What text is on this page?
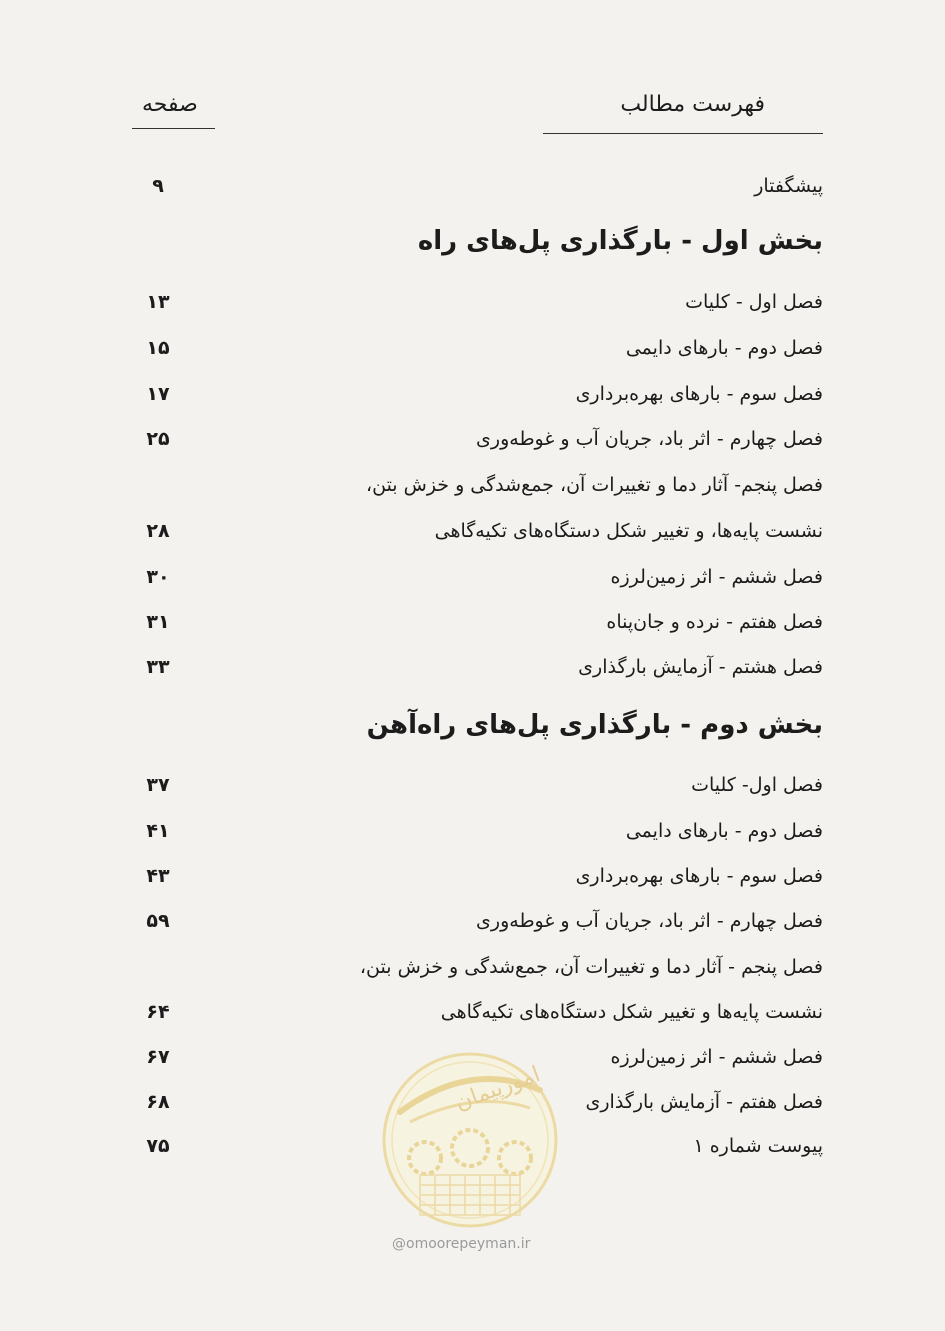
فهرست مطالب
صفحه
پیشگفتار
۹
بخش اول - بارگذاری پل‌های راه
فصل اول - کلیات
۱۳
فصل دوم - بارهای دایمی
۱۵
فصل سوم - بارهای بهره‌برداری
۱۷
فصل چهارم - اثر باد، جریان آب و غوطه‌وری
۲۵
فصل پنجم- آثار دما و تغییرات آن، جمع‌شدگی و خزش بتن،
نشست پایه‌ها، و تغییر شکل دستگاه‌های تکیه‌گاهی
۲۸
فصل ششم - اثر زمین‌لرزه
۳۰
فصل هفتم - نرده و جان‌پناه
۳۱
فصل هشتم - آزمایش بارگذاری
۳۳
بخش دوم - بارگذاری پل‌های راه‌آهن
فصل اول- کلیات
۳۷
فصل دوم - بارهای دایمی
۴۱
فصل سوم - بارهای بهره‌برداری
۴۳
فصل چهارم - اثر باد، جریان آب و غوطه‌وری
۵۹
فصل پنجم - آثار دما و تغییرات آن، جمع‌شدگی و خزش بتن،
نشست پایه‌ها و تغییر شکل دستگاه‌های تکیه‌گاهی
۶۴
فصل ششم - اثر زمین‌لرزه
۶۷
فصل هفتم - آزمایش بارگذاری
۶۸
پیوست شماره ۱
۷۵
امورپیمان
@omoorepeyman.ir
